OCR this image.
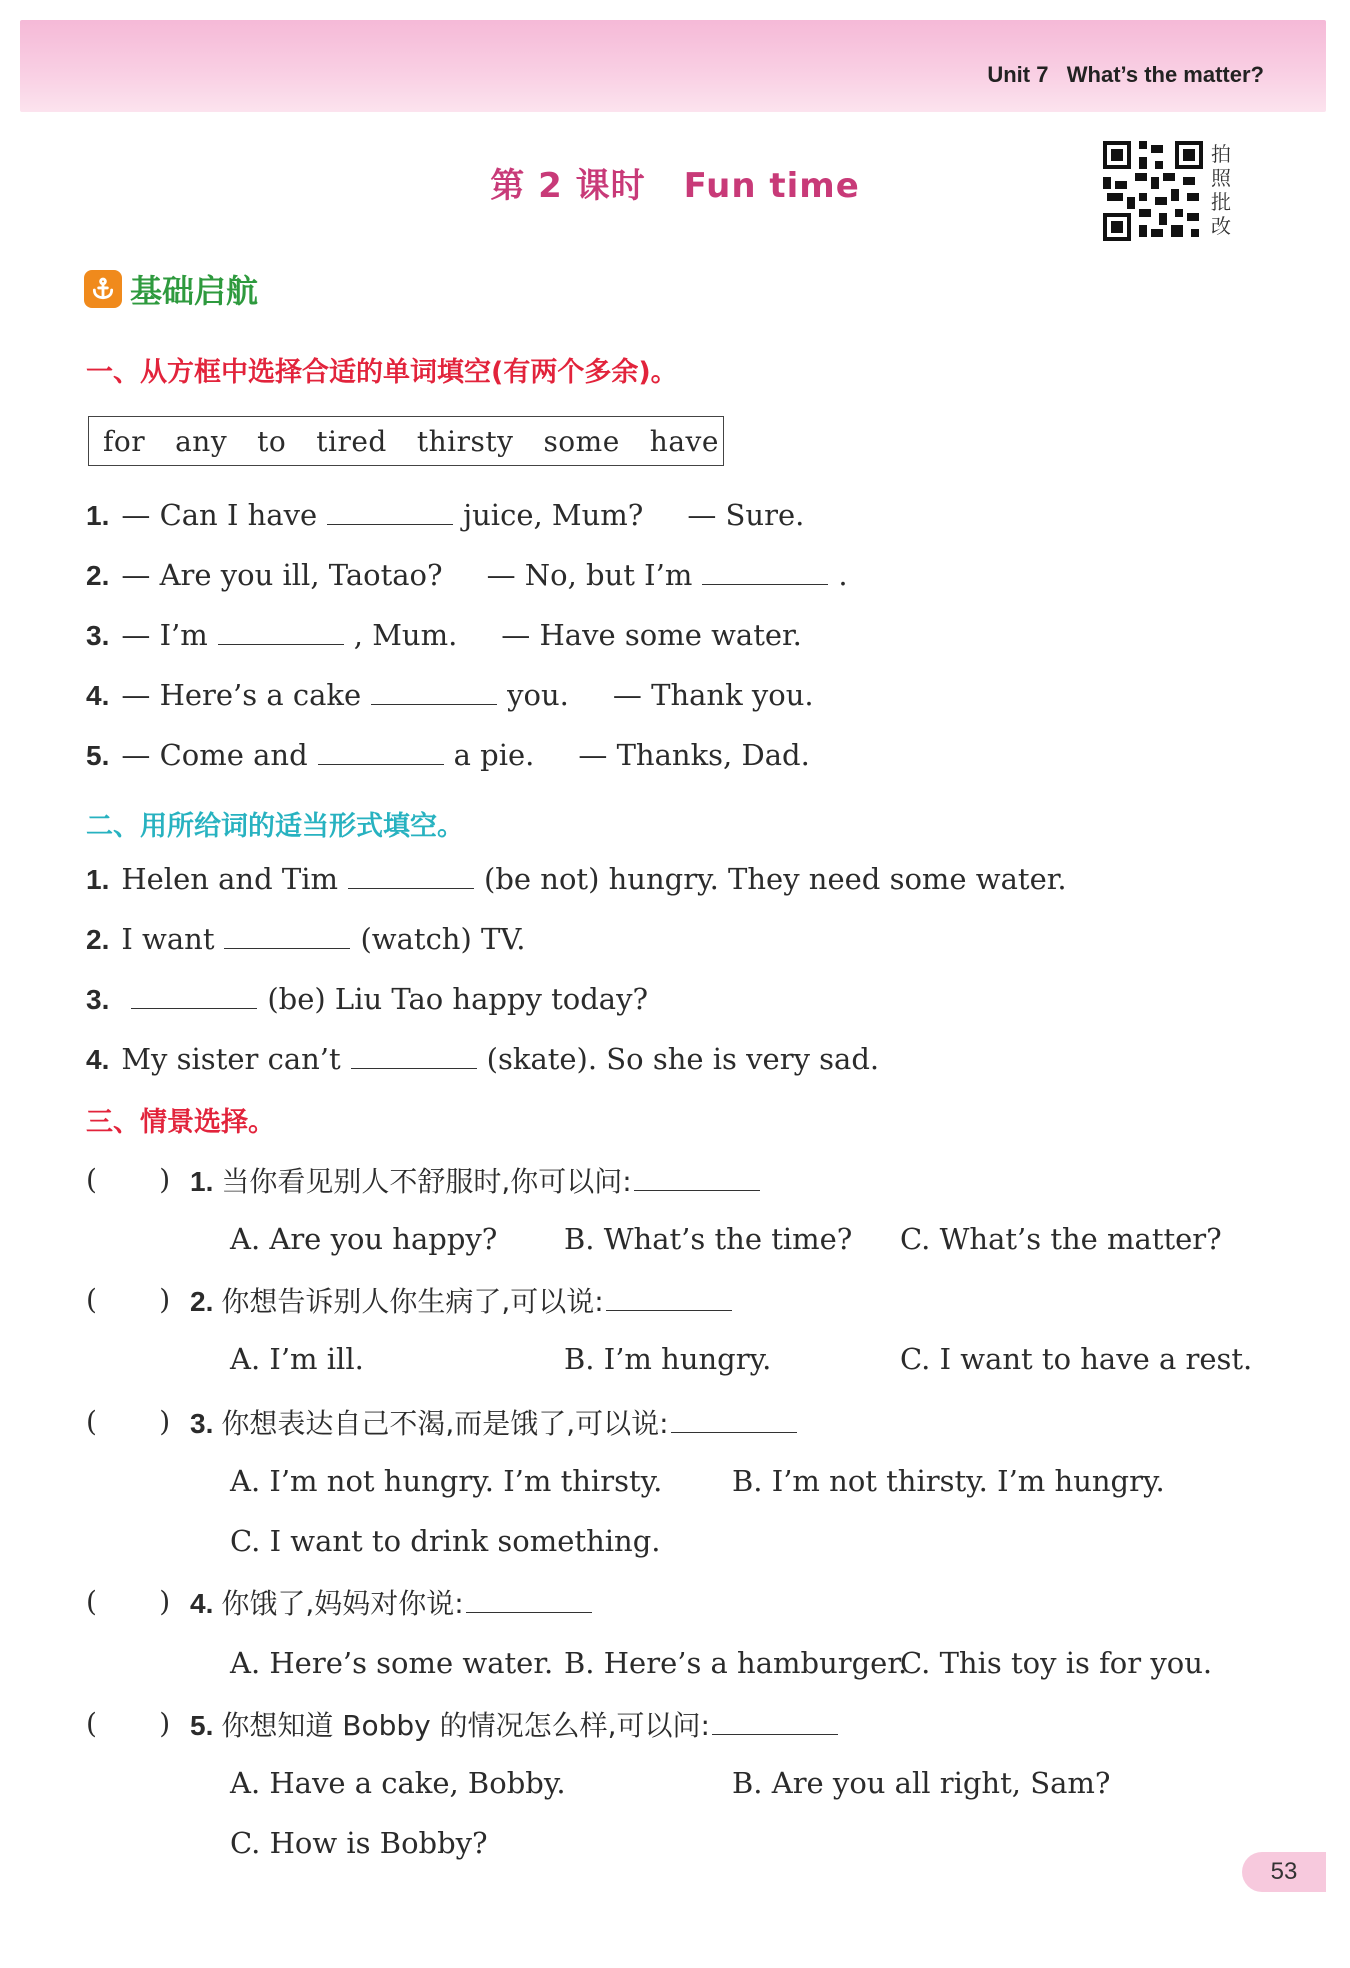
Unit 7 What’s the matter?
第 2 课时 Fun time
拍
照
批
改
基础启航
一、从方框中选择合适的单词填空(有两个多余)。
for any to tired thirsty some have
1. — Can I have	juice, Mum? — Sure.
2. — Are you ill, Taotao? — No, but I’m	.
3. — I’m	, Mum. — Have some water.
4. — Here’s a cake	you. — Thank you.
5. — Come and	a pie. — Thanks, Dad.
二、用所给词的适当形式填空。
1. Helen and Tim	(be not) hungry. They need some water.
2. I want	(watch) TV.
3.	(be) Liu Tao happy today?
4. My sister can’t	(skate). So she is very sad.
三、情景选择。
(       ) 1. 当你看见别人不舒服时,你可以问:
A. Are you happy? B. What’s the time? C. What’s the matter?
(       ) 2. 你想告诉别人你生病了,可以说:
A. I’m ill.	B. I’m hungry.	C. I want to have a rest.
(       ) 3. 你想表达自己不渴,而是饿了,可以说:
A. I’m not hungry. I’m thirsty. B. I’m not thirsty. I’m hungry.
C. I want to drink something.
(       ) 4. 你饿了,妈妈对你说:
A. Here’s some water. B. Here’s a hamburger.
C. This toy is for you.
(       ) 5. 你想知道 Bobby 的情况怎么样,可以问:
A. Have a cake, Bobby.	B. Are you all right, Sam?
C. How is Bobby?
53
